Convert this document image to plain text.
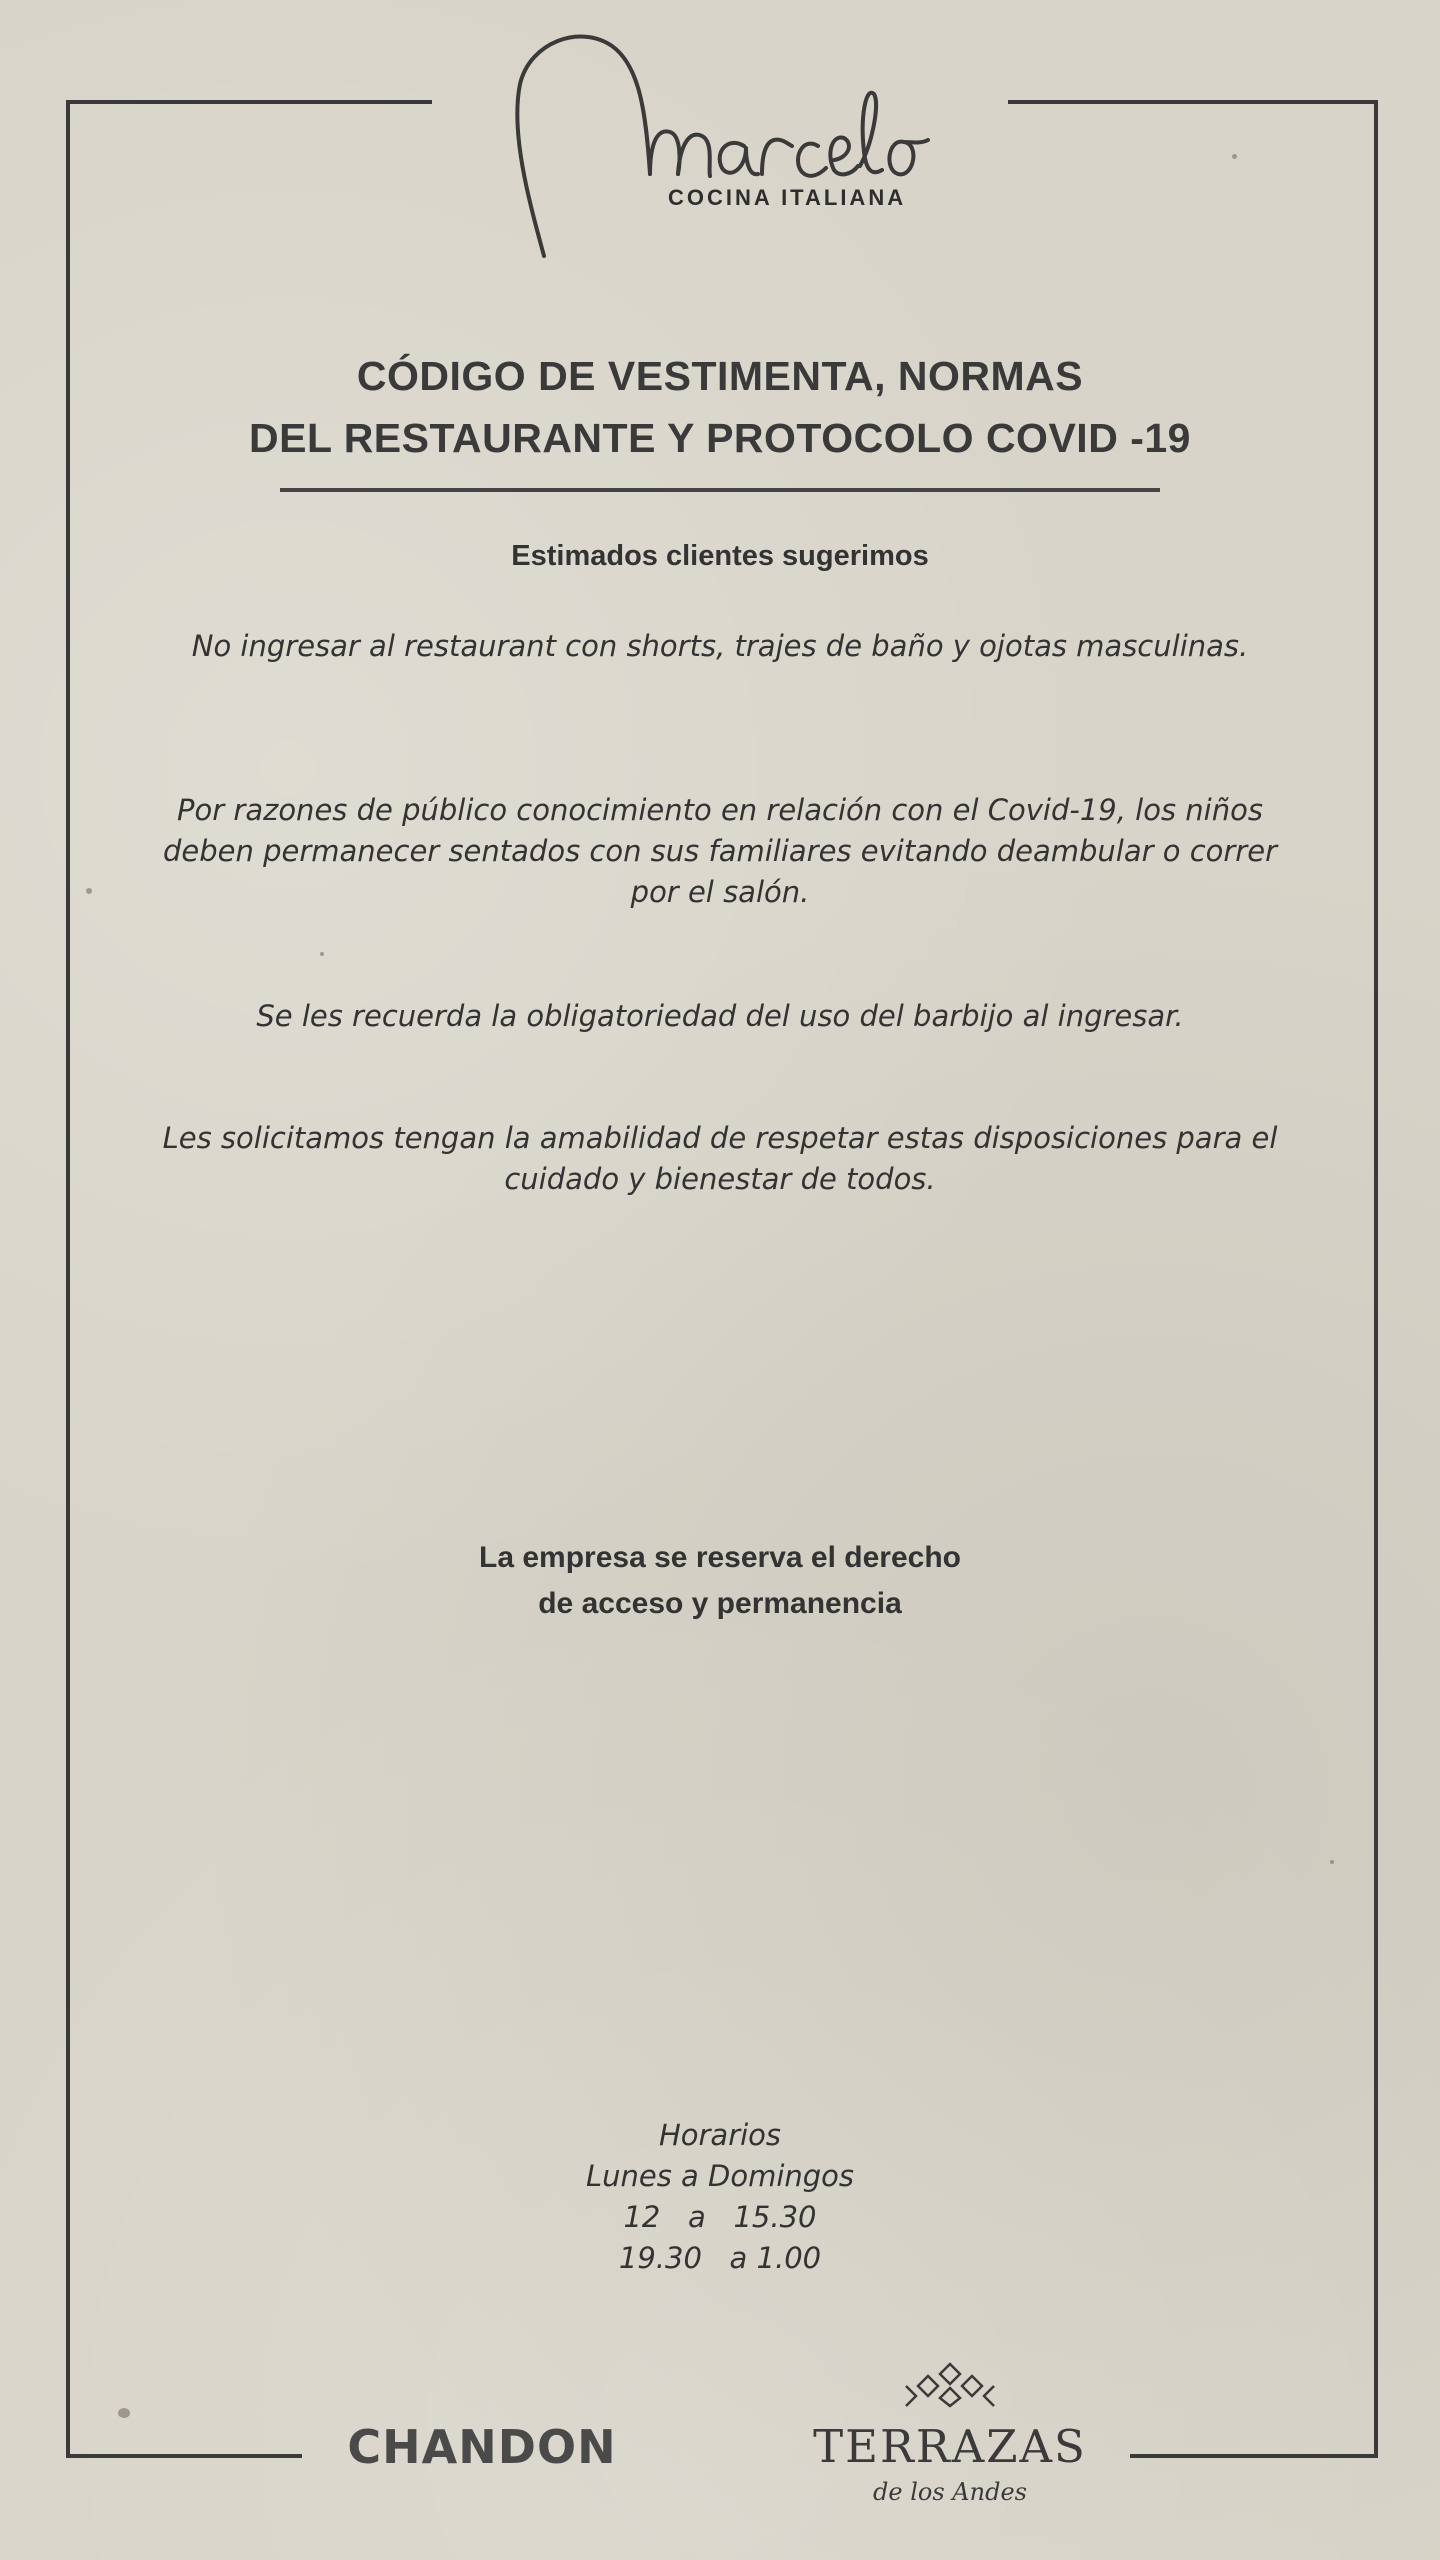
COCINA ITALIANA
CÓDIGO DE VESTIMENTA, NORMAS
DEL RESTAURANTE Y PROTOCOLO COVID -19
Estimados clientes sugerimos

No ingresar al restaurant con shorts, trajes de baño y ojotas masculinas.

Por razones de público conocimiento en relación con el Covid-19, los niños deben permanecer sentados con sus familiares evitando deambular o correr por el salón.

Se les recuerda la obligatoriedad del uso del barbijo al ingresar.

Les solicitamos tengan la amabilidad de respetar estas disposiciones para el cuidado y bienestar de todos.

La empresa se reserva el derecho
de acceso y permanencia
Horarios
Lunes a Domingos
12   a   15.30
19.30   a 1.00
CHANDON	TERRAZAS
de los Andes
